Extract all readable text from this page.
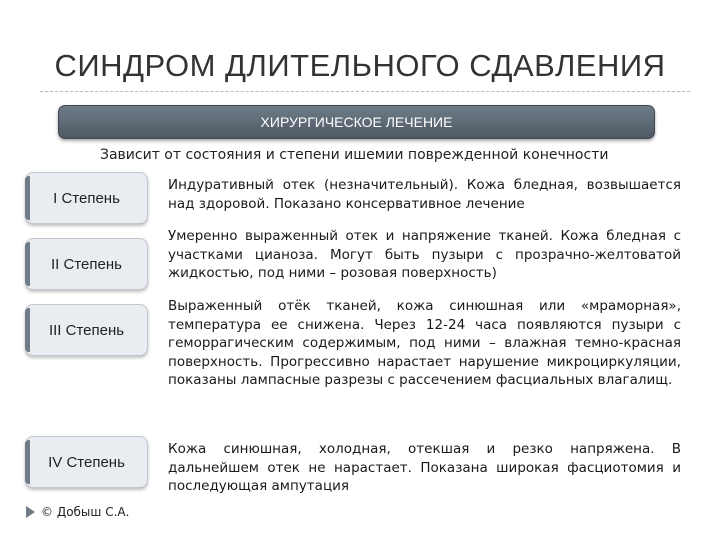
СИНДРОМ ДЛИТЕЛЬНОГО СДАВЛЕНИЯ
ХИРУРГИЧЕСКОЕ ЛЕЧЕНИЕ
Зависит от состояния и степени ишемии поврежденной конечности
I Степень
Индуративный отек (незначительный). Кожа бледная, возвышается над здоровой. Показано консервативное лечение
II Степень
Умеренно выраженный отек и напряжение тканей. Кожа бледная с участками цианоза. Могут быть пузыри с прозрачно-желтоватой жидкостью, под ними – розовая поверхность)
III Степень
Выраженный отёк тканей, кожа синюшная или «мраморная», температура ее снижена. Через 12-24 часа появляются пузыри с геморрагическим содержимым, под ними – влажная темно-красная поверхность. Прогрессивно нарастает нарушение микроциркуляции, показаны лампасные разрезы с рассечением фасциальных влагалищ.
IV Степень
Кожа синюшная, холодная, отекшая и резко напряжена. В дальнейшем отек не нарастает. Показана широкая фасциотомия и последующая ампутация
© Добыш С.А.
